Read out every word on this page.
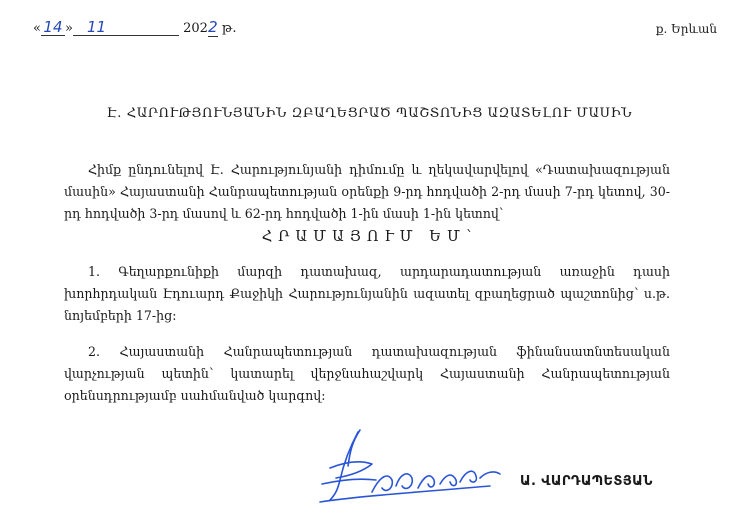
« 14 » 11	2022 թ.	ք. Երևան
Է. ՀԱՐՈՒԹՅՈՒՆՅԱՆԻՆ ԶԲԱՂԵՑՐԱԾ ՊԱՇՏՈՆԻՑ ԱԶԱՏԵԼՈՒ ՄԱՍԻՆ
Հիմք ընդունելով Է. Հարությունյանի դիմումը և ղեկավարվելով «Դատախազության մասին» Հայաստանի Հանրապետության օրենքի 9-րդ հոդվածի 2-րդ մասի 7-րդ կետով, 30-րդ հոդվածի 3-րդ մասով և 62-րդ հոդվածի 1-ին մասի 1-ին կետով՝
ՀՐԱՄԱՅՈՒՄ ԵՄ՝
1. Գեղարքունիքի մարզի դատախազ, արդարադատության առաջին դասի խորհրդական Էդուարդ Քաջիկի Հարությունյանին ազատել զբաղեցրած պաշտոնից՝ ս.թ. նոյեմբերի 17-ից:
2. Հայաստանի Հանրապետության դատախազության ֆինանսատնտեսական վարչության պետին՝ կատարել վերջնահաշվարկ Հայաստանի Հանրապետության օրենսդրությամբ սահմանված կարգով:
Ա. ՎԱՐԴԱՊԵՏՅԱՆ
